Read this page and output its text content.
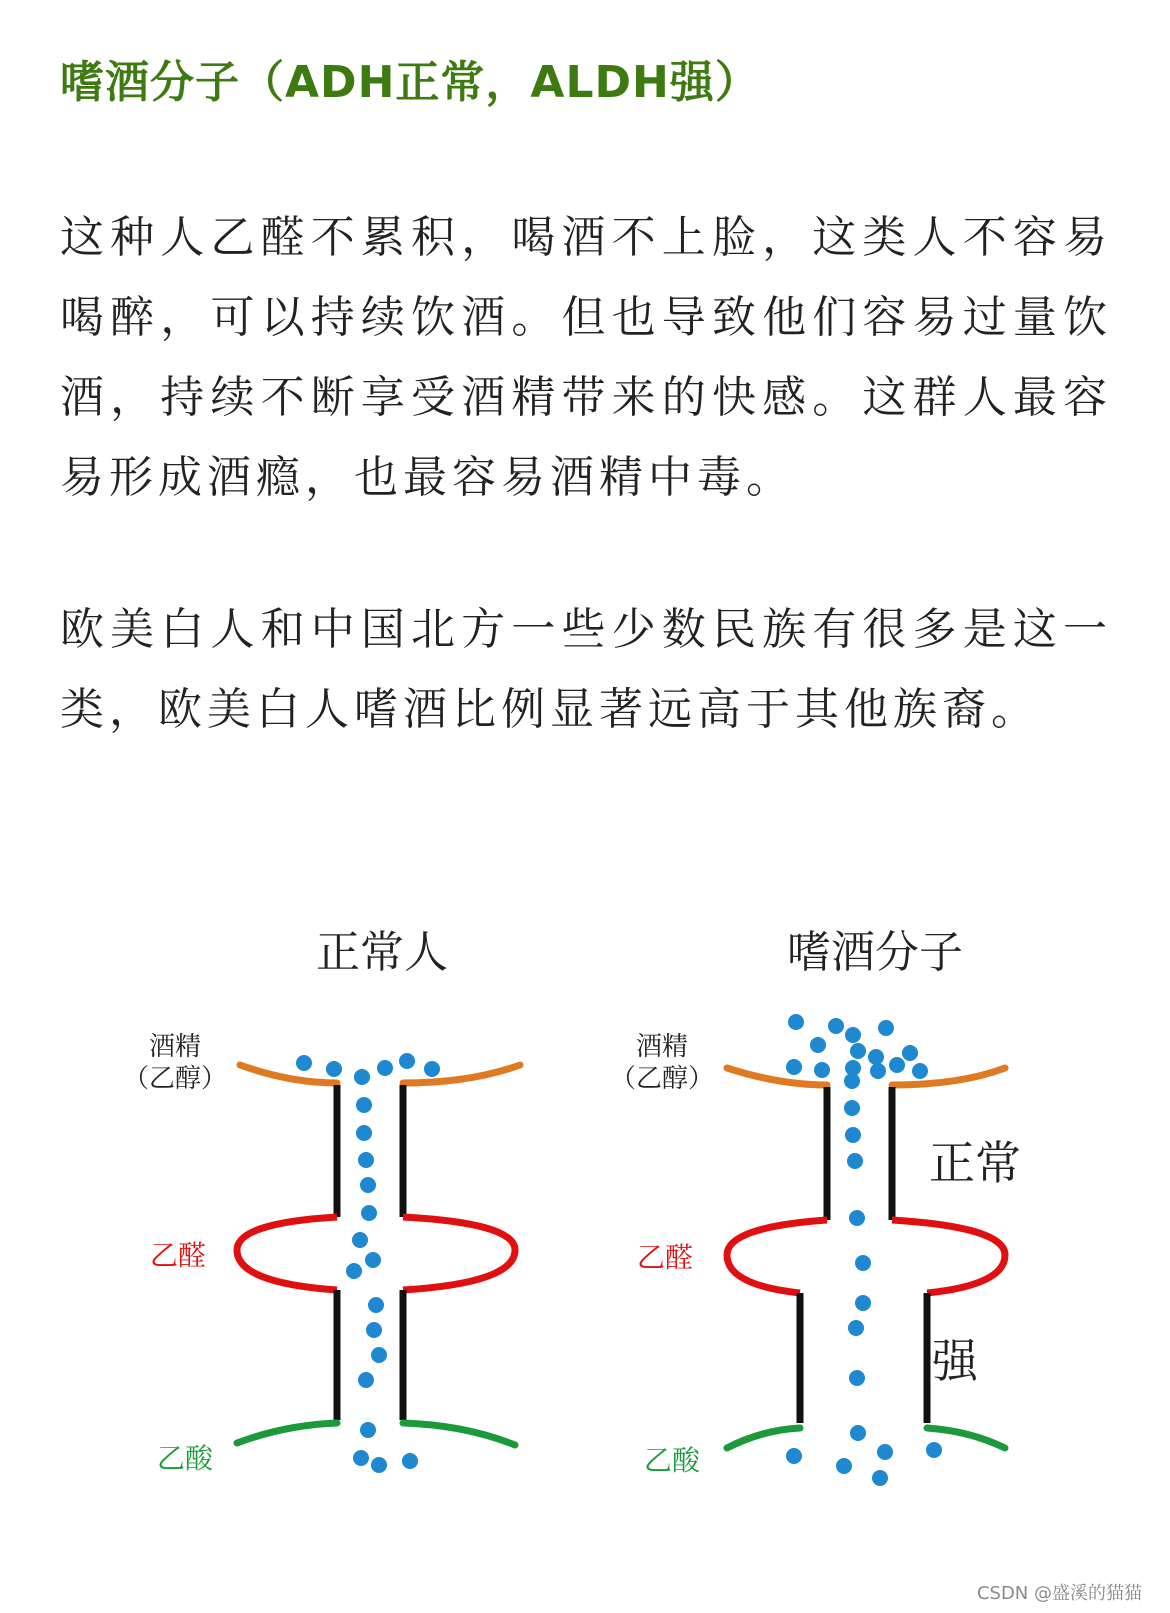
嗜酒分子（ADH正常，ALDH强）
这种人乙醛不累积，喝酒不上脸，这类人不容易喝醉，可以持续饮酒。但也导致他们容易过量饮酒，持续不断享受酒精带来的快感。这群人最容易形成酒瘾，也最容易酒精中毒。
欧美白人和中国北方一些少数民族有很多是这一类，欧美白人嗜酒比例显著远高于其他族裔。
正常人
酒精
（乙醇）
乙醛
乙酸
嗜酒分子
酒精
（乙醇）
乙醛
乙酸
正常
强
CSDN @盛溪的猫猫
